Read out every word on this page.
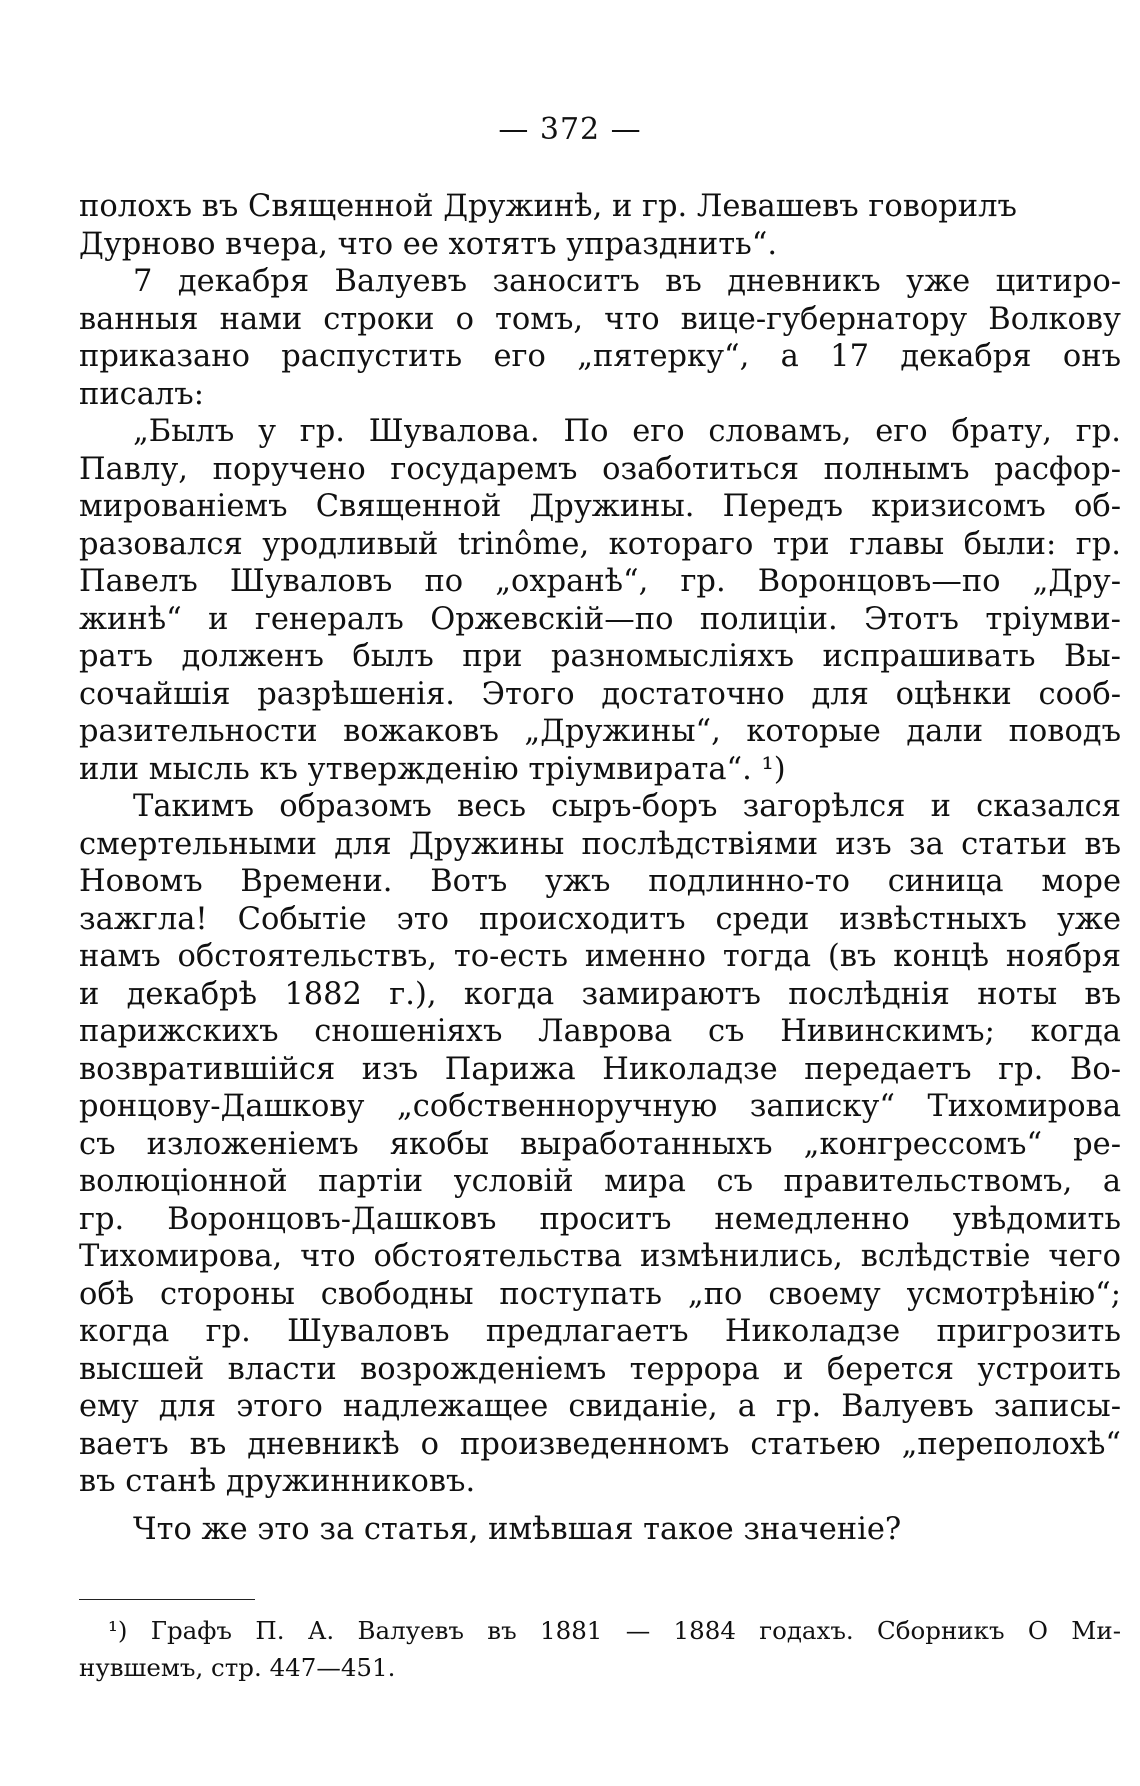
— 372 —
полохъ въ Священной Дружинѣ, и гр. Левашевъ говорилъ
Дурново вчера, что ее хотятъ упразднить“.
7 декабря Валуевъ заноситъ въ дневникъ уже цитиро-
ванныя нами строки о томъ, что вице-губернатору Волкову
приказано распустить его „пятерку“, а 17 декабря онъ
писалъ:
„Былъ у гр. Шувалова. По его словамъ, его брату, гр.
Павлу, поручено государемъ озаботиться полнымъ расфор-
мированіемъ Священной Дружины. Передъ кризисомъ об-
разовался уродливый trinôme, котораго три главы были: гр.
Павелъ Шуваловъ по „охранѣ“, гр. Воронцовъ—по „Дру-
жинѣ“ и генералъ Оржевскій—по полиціи. Этотъ тріумви-
ратъ долженъ былъ при разномысліяхъ испрашивать Вы-
сочайшія разрѣшенія. Этого достаточно для оцѣнки сооб-
разительности вожаковъ „Дружины“, которые дали поводъ
или мысль къ утвержденію тріумвирата“. ¹)
Такимъ образомъ весь сыръ-боръ загорѣлся и сказался
смертельными для Дружины послѣдствіями изъ за статьи въ
Новомъ Времени. Вотъ ужъ подлинно-то синица море
зажгла! Событіе это происходитъ среди извѣстныхъ уже
намъ обстоятельствъ, то-есть именно тогда (въ концѣ ноября
и декабрѣ 1882 г.), когда замираютъ послѣднія ноты въ
парижскихъ сношеніяхъ Лаврова съ Нивинскимъ; когда
возвратившійся изъ Парижа Николадзе передаетъ гр. Во-
ронцову-Дашкову „собственноручную записку“ Тихомирова
съ изложеніемъ якобы выработанныхъ „конгрессомъ“ ре-
волюціонной партіи условій мира съ правительствомъ, а
гр. Воронцовъ-Дашковъ проситъ немедленно увѣдомить
Тихомирова, что обстоятельства измѣнились, вслѣдствіе чего
обѣ стороны свободны поступать „по своему усмотрѣнію“;
когда гр. Шуваловъ предлагаетъ Николадзе пригрозить
высшей власти возрожденіемъ террора и берется устроить
ему для этого надлежащее свиданіе, а гр. Валуевъ записы-
ваетъ въ дневникѣ о произведенномъ статьею „переполохѣ“
въ станѣ дружинниковъ.
Что же это за статья, имѣвшая такое значеніе?
¹) Графъ П. А. Валуевъ въ 1881 — 1884 годахъ. Сборникъ О Ми-
нувшемъ, стр. 447—451.
